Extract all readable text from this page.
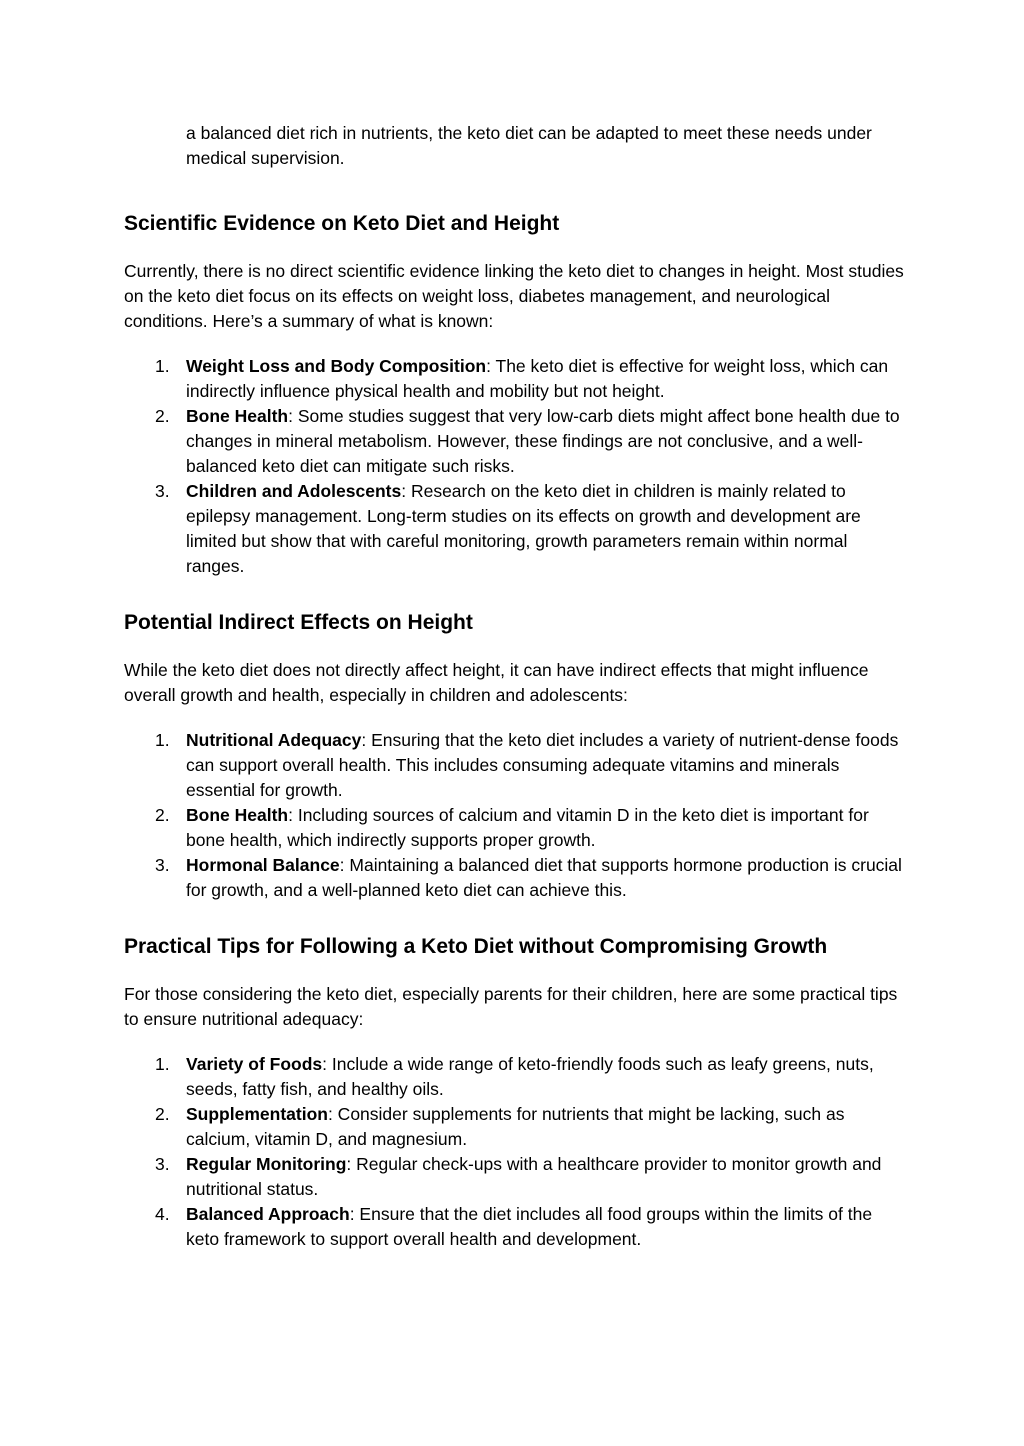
a balanced diet rich in nutrients, the keto diet can be adapted to meet these needs under medical supervision.

Scientific Evidence on Keto Diet and Height

Currently, there is no direct scientific evidence linking the keto diet to changes in height. Most studies on the keto diet focus on its effects on weight loss, diabetes management, and neurological conditions. Here’s a summary of what is known:

1. Weight Loss and Body Composition: The keto diet is effective for weight loss, which can indirectly influence physical health and mobility but not height.
2. Bone Health: Some studies suggest that very low-carb diets might affect bone health due to changes in mineral metabolism. However, these findings are not conclusive, and a well-balanced keto diet can mitigate such risks.
3. Children and Adolescents: Research on the keto diet in children is mainly related to epilepsy management. Long-term studies on its effects on growth and development are limited but show that with careful monitoring, growth parameters remain within normal ranges.
Potential Indirect Effects on Height

While the keto diet does not directly affect height, it can have indirect effects that might influence overall growth and health, especially in children and adolescents:

1. Nutritional Adequacy: Ensuring that the keto diet includes a variety of nutrient-dense foods can support overall health. This includes consuming adequate vitamins and minerals essential for growth.
2. Bone Health: Including sources of calcium and vitamin D in the keto diet is important for bone health, which indirectly supports proper growth.
3. Hormonal Balance: Maintaining a balanced diet that supports hormone production is crucial for growth, and a well-planned keto diet can achieve this.
Practical Tips for Following a Keto Diet without Compromising Growth

For those considering the keto diet, especially parents for their children, here are some practical tips to ensure nutritional adequacy:

1. Variety of Foods: Include a wide range of keto-friendly foods such as leafy greens, nuts, seeds, fatty fish, and healthy oils.
2. Supplementation: Consider supplements for nutrients that might be lacking, such as calcium, vitamin D, and magnesium.
3. Regular Monitoring: Regular check-ups with a healthcare provider to monitor growth and nutritional status.
4. Balanced Approach: Ensure that the diet includes all food groups within the limits of the keto framework to support overall health and development.
